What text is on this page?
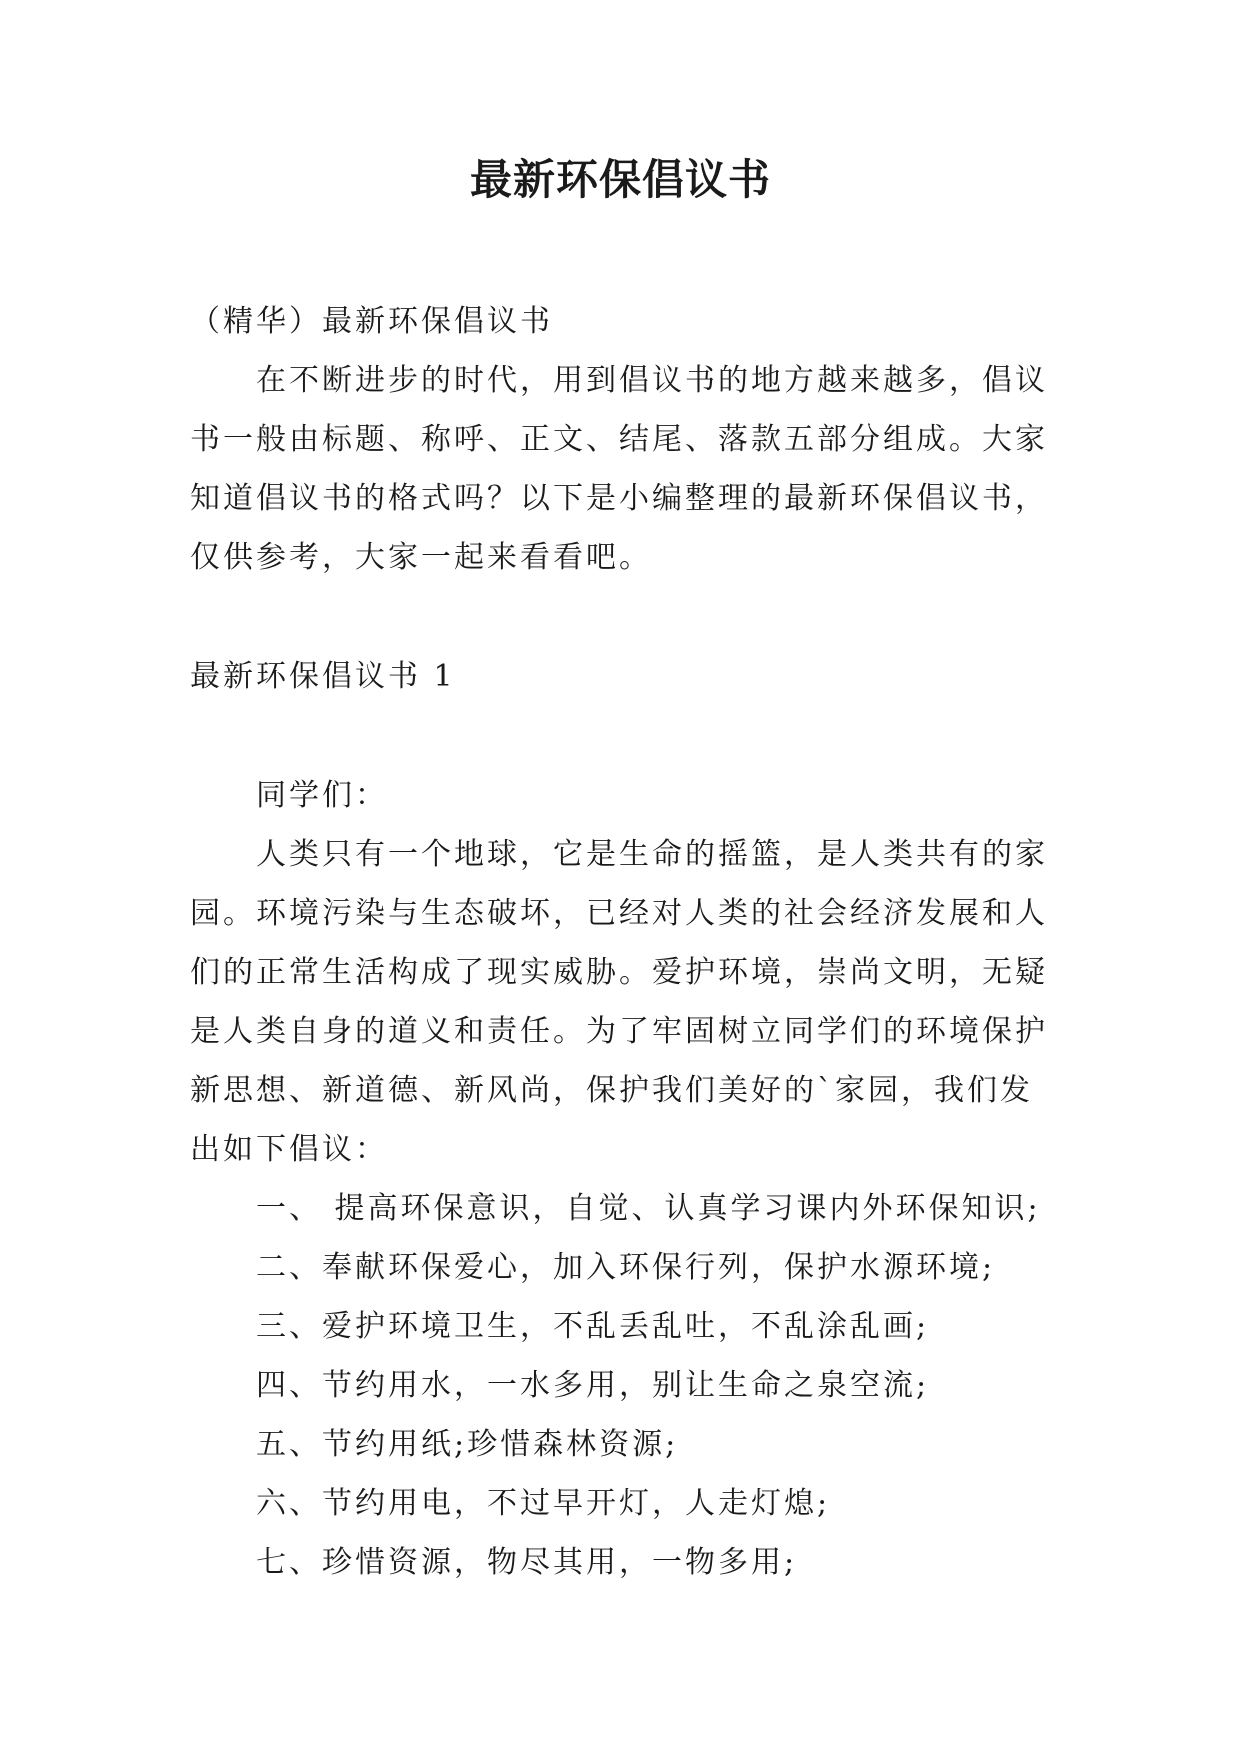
最新环保倡议书
（精华）最新环保倡议书
在不断进步的时代，用到倡议书的地方越来越多，倡议
书一般由标题、称呼、正文、结尾、落款五部分组成。大家
知道倡议书的格式吗？以下是小编整理的最新环保倡议书，
仅供参考，大家一起来看看吧。
最新环保倡议书 1
同学们：
人类只有一个地球，它是生命的摇篮，是人类共有的家
园。环境污染与生态破坏，已经对人类的社会经济发展和人
们的正常生活构成了现实威胁。爱护环境，崇尚文明，无疑
是人类自身的道义和责任。为了牢固树立同学们的环境保护
新思想、新道德、新风尚，保护我们美好的`家园，我们发
出如下倡议：
一、 提高环保意识，自觉、认真学习课内外环保知识;
二、奉献环保爱心，加入环保行列，保护水源环境;
三、爱护环境卫生，不乱丢乱吐，不乱涂乱画;
四、节约用水，一水多用，别让生命之泉空流;
五、节约用纸;珍惜森林资源;
六、节约用电，不过早开灯，人走灯熄;
七、珍惜资源，物尽其用，一物多用;
